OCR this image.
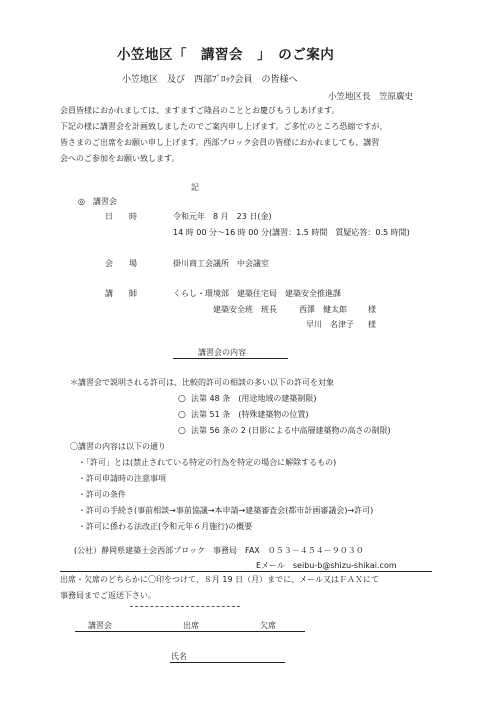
小笠地区「　講習会　」　のご案内
小笠地区　及び　西部ﾌﾞﾛｯｸ会員　の皆様へ
小笠地区長　笠原廣史
会員皆様におかれましては、ますますご隆昌のこととお慶びもうしあげます。
下記の様に講習会を計画致しましたのでご案内申し上げます。ご多忙のところ恐縮ですが、
皆さまのご出席をお願い申し上げます。西部ブロック会員の皆様におかれましても、講習
会へのご参加をお願い致します。
記
◎　講習会
日　　時	令和元年　8 月　23 日(金)
14 時 00 分〜16 時 00 分(講習：1.5 時間　質疑応答：0.5 時間)
会　　場	掛川商工会議所　中会議室
講　　師	くらし・環境部　建築住宅局　建築安全推進課
建築安全班　班長	西澤　健太郎	様
早川　名津子 様
講習会の内容
＊講習会で説明される許可は、比較的許可の相談の多い以下の許可を対象
○ 法第 48 条　(用途地域の建築制限)
○ 法第 51 条　(特殊建築物の位置)
○ 法第 56 条の 2 (日影による中高層建築物の高さの制限)
〇講習の内容は以下の通り
・「許可」とは(禁止されている特定の行為を特定の場合に解除するもの)
・許可申請時の注意事項
・許可の条件
・許可の手続き(事前相談→事前協議→本申請→建築審査会(都市計画審議会)→許可)
・許可に係わる法改正(令和元年６月施行)の概要
(公社）静岡県建築士会西部ブロック　事務局　FAX　０５３－４５４－９０３０
Eメール　seibu-b@shizu-shikai.com
出席・欠席のどちらかに〇印をつけて、８月 19 日（月）までに、メール又はＦＡＸにて
事務局までご返送下さい。
講習会	出席	欠席
氏名
